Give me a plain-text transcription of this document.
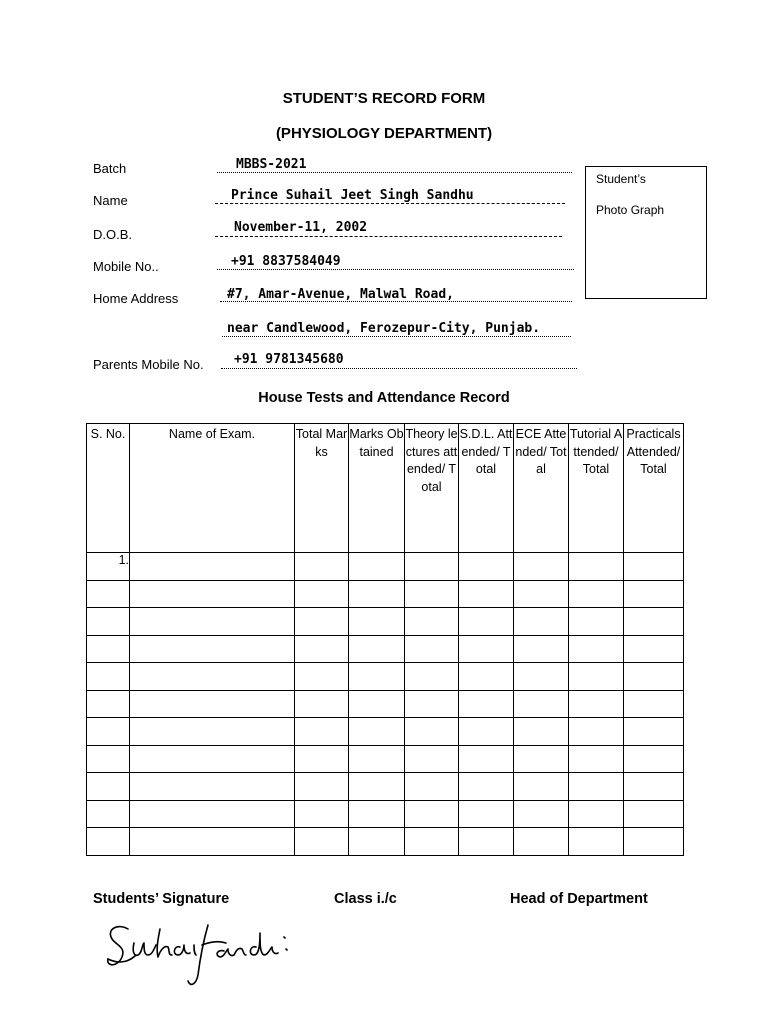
STUDENT’S RECORD FORM
(PHYSIOLOGY DEPARTMENT)
Batch	MBBS-2021
Name	Prince Suhail Jeet Singh Sandhu
D.O.B.	November-11, 2002
Mobile No..	+91 8837584049
Home Address	#7, Amar-Avenue, Malwal Road,
near Candlewood, Ferozepur-City, Punjab.
Parents Mobile No. +91 9781345680
Student’s
Photo Graph
House Tests and Attendance Record
S. No.	Name of Exam.	Total Marks	Marks Obtained	Theory lectures attended/ Total	S.D.L. Attended/ Total	ECE Attended/ Total	Tutorial Attended/ Total	Practicals Attended/ Total
1.								

Students’ Signature	Class i./c	Head of Department
